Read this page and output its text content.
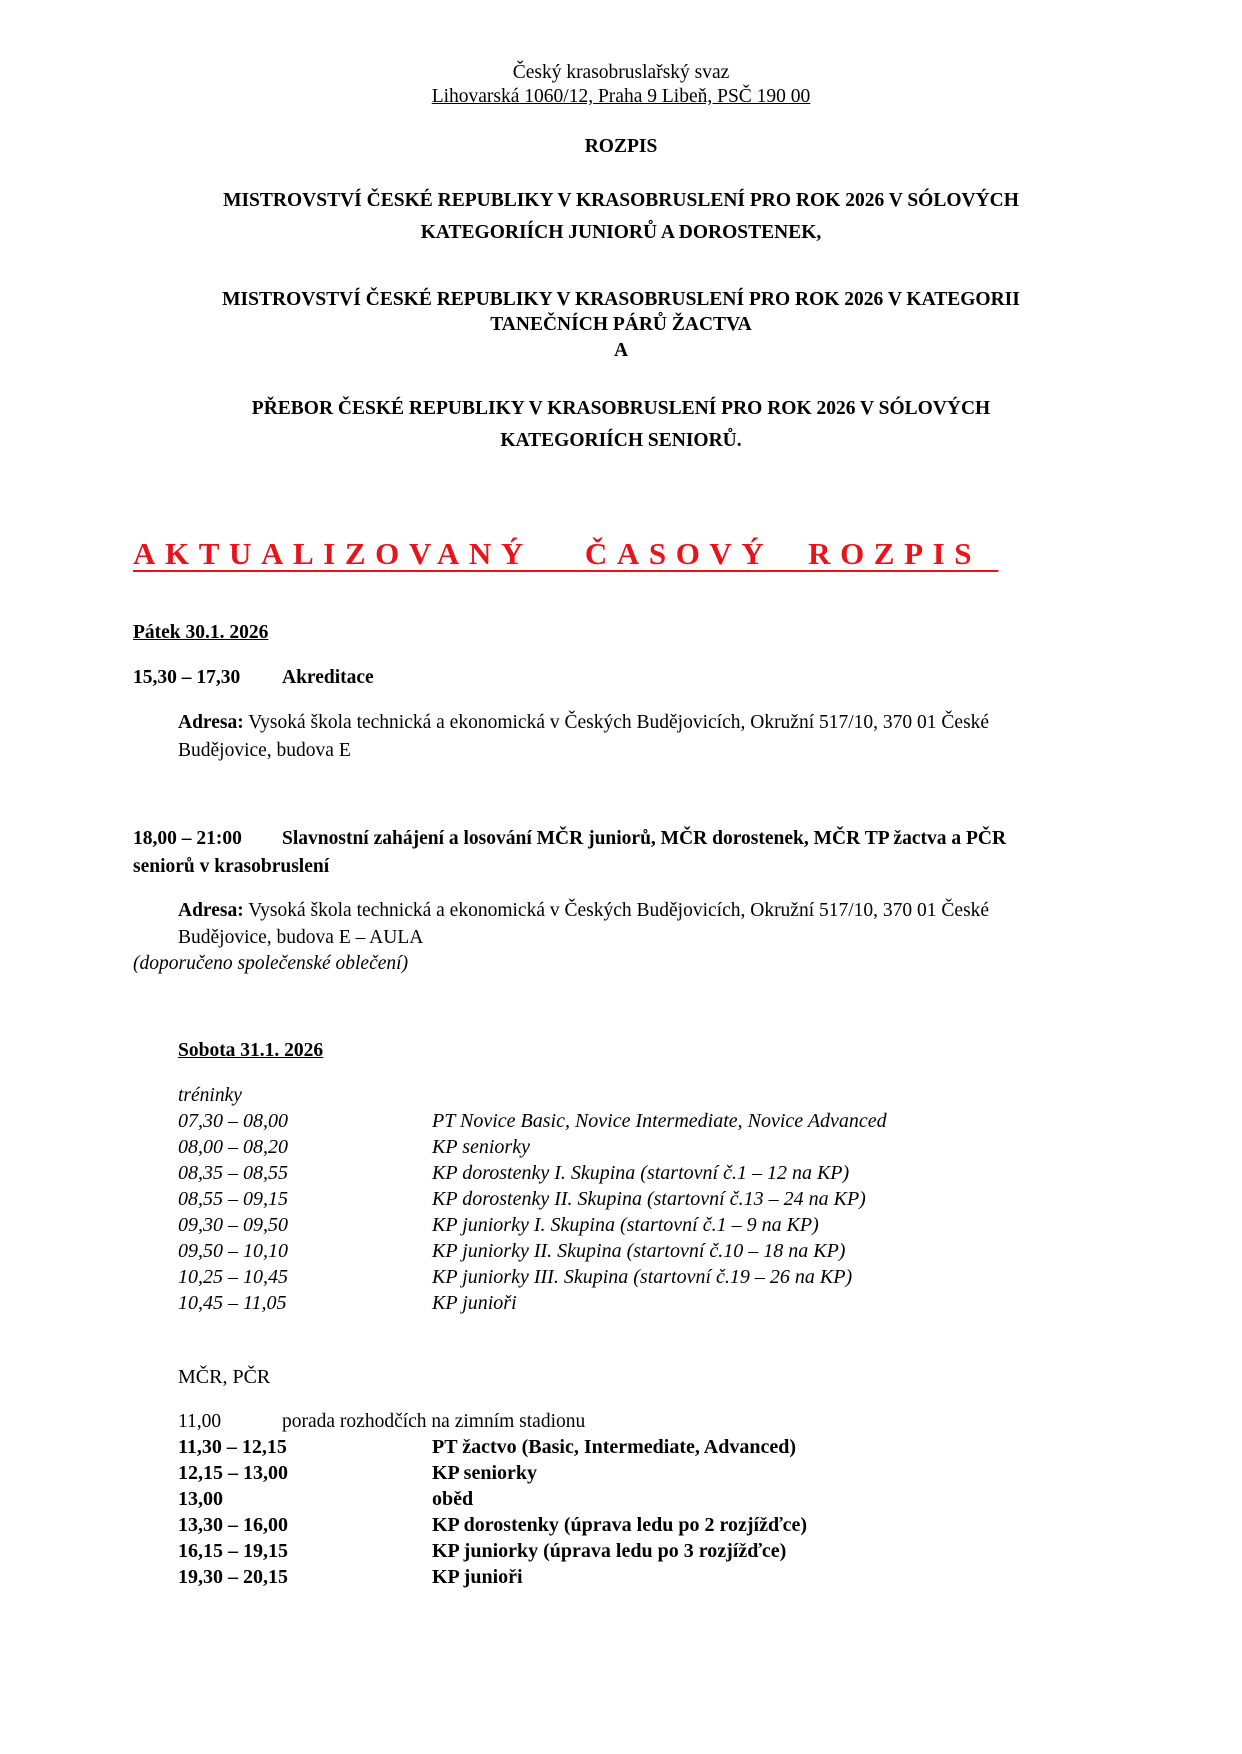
Český krasobruslařský svaz
Lihovarská 1060/12, Praha 9 Libeň, PSČ 190 00
ROZPIS
MISTROVSTVÍ ČESKÉ REPUBLIKY V KRASOBRUSLENÍ PRO ROK 2026 V SÓLOVÝCH
KATEGORIÍCH JUNIORŮ A DOROSTENEK,
MISTROVSTVÍ ČESKÉ REPUBLIKY V KRASOBRUSLENÍ PRO ROK 2026 V KATEGORII
TANEČNÍCH PÁRŮ ŽACTVA
A
PŘEBOR ČESKÉ REPUBLIKY V KRASOBRUSLENÍ PRO ROK 2026 V SÓLOVÝCH
KATEGORIÍCH SENIORŮ.
AKTUALIZOVANÝ   ČASOVÝ  ROZPIS
Pátek 30.1. 2026
15,30 – 17,30 Akreditace
Adresa: Vysoká škola technická a ekonomická v Českých Budějovicích, Okružní 517/10, 370 01 České
Budějovice, budova E
18,00 – 21:00 Slavnostní zahájení a losování MČR juniorů, MČR dorostenek, MČR TP žactva a PČR
seniorů v krasobruslení
Adresa: Vysoká škola technická a ekonomická v Českých Budějovicích, Okružní 517/10, 370 01 České
Budějovice, budova E – AULA
(doporučeno společenské oblečení)
Sobota 31.1. 2026
tréninky
07,30 – 08,00	PT Novice Basic, Novice Intermediate, Novice Advanced
08,00 – 08,20	KP seniorky
08,35 – 08,55	KP dorostenky I. Skupina (startovní č.1 – 12 na KP)
08,55 – 09,15	KP dorostenky II. Skupina (startovní č.13 – 24 na KP)
09,30 – 09,50	KP juniorky I. Skupina (startovní č.1 – 9 na KP)
09,50 – 10,10	KP juniorky II. Skupina (startovní č.10 – 18 na KP)
10,25 – 10,45	KP juniorky III. Skupina (startovní č.19 – 26 na KP)
10,45 – 11,05	KP junioři
MČR, PČR
11,00	porada rozhodčích na zimním stadionu
11,30 – 12,15	PT žactvo (Basic, Intermediate, Advanced)
12,15 – 13,00	KP seniorky
13,00	oběd
13,30 – 16,00	KP dorostenky (úprava ledu po 2 rozjížďce)
16,15 – 19,15	KP juniorky (úprava ledu po 3 rozjížďce)
19,30 – 20,15	KP junioři
